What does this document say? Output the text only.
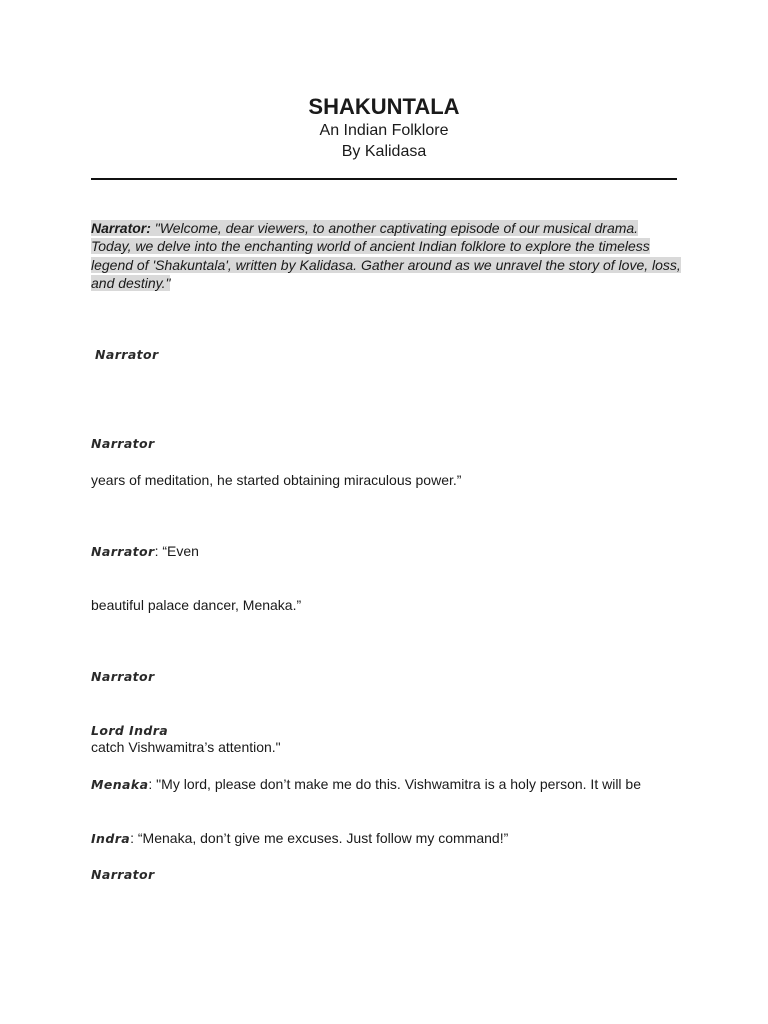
SHAKUNTALA
An Indian Folklore
By Kalidasa
Narrator: "Welcome, dear viewers, to another captivating episode of our musical drama. Today, we delve into the enchanting world of ancient Indian folklore to explore the timeless legend of 'Shakuntala', written by Kalidasa. Gather around as we unravel the story of love, loss, and destiny."
Narrator
Narrator
years of meditation, he started obtaining miraculous power.”
Narrator: “Even
beautiful palace dancer, Menaka.”
Narrator
Lord Indra
catch Vishwamitra’s attention."
Menaka: "My lord, please don’t make me do this. Vishwamitra is a holy person. It will be
Indra: “Menaka, don’t give me excuses. Just follow my command!”
Narrator
